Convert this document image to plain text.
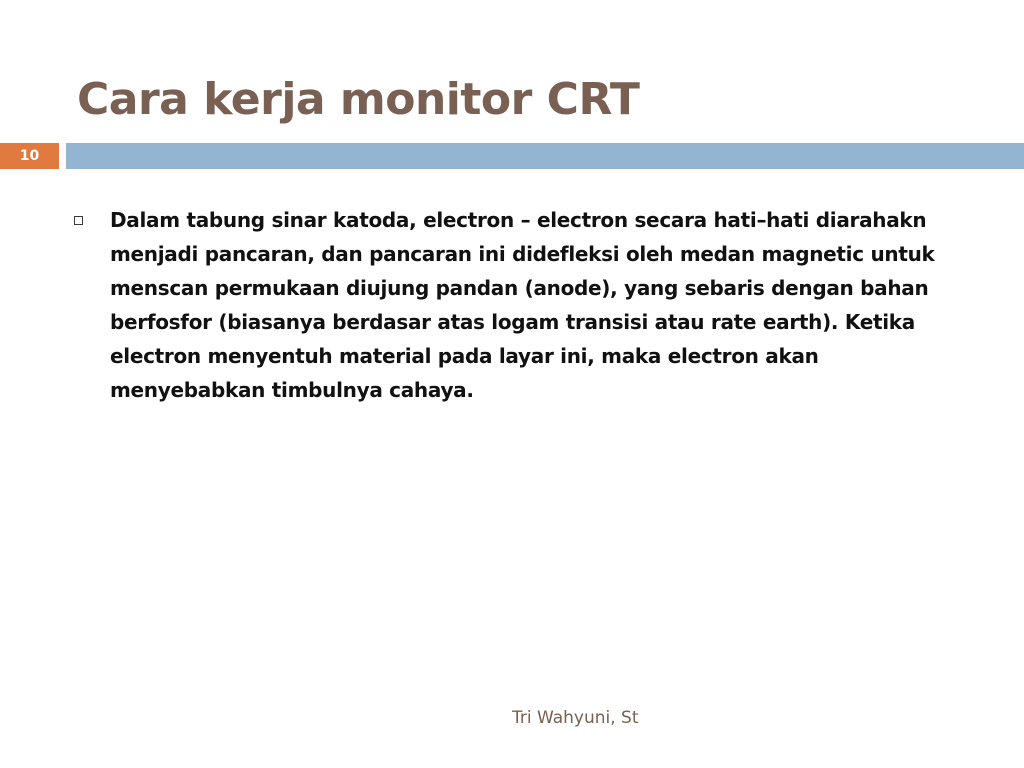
Cara kerja monitor CRT
10
Dalam tabung sinar katoda, electron – electron secara hati–hati diarahakn menjadi pancaran, dan pancaran ini didefleksi oleh medan magnetic untuk menscan permukaan diujung pandan (anode), yang sebaris dengan bahan berfosfor (biasanya berdasar atas logam transisi atau rate earth). Ketika electron menyentuh material pada layar ini, maka electron akan menyebabkan timbulnya cahaya.
Tri Wahyuni, St
